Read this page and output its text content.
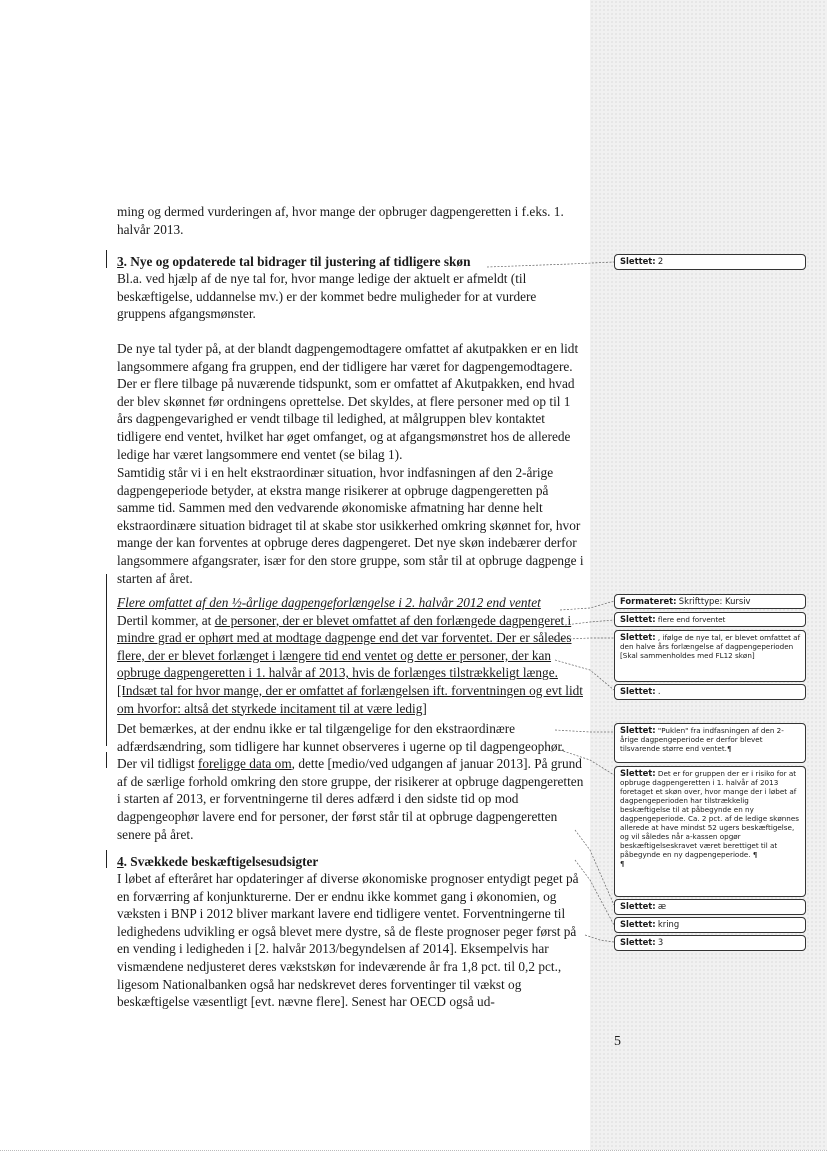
ming og dermed vurderingen af, hvor mange der opbruger dagpengeretten i f.eks. 1. halvår 2013.

3. Nye og opdaterede tal bidrager til justering af tidligere skøn

Bl.a. ved hjælp af de nye tal for, hvor mange ledige der aktuelt er afmeldt (til beskæftigelse, uddannelse mv.) er der kommet bedre muligheder for at vurdere gruppens afgangsmønster.

De nye tal tyder på, at der blandt dagpengemodtagere omfattet af akutpakken er en lidt langsommere afgang fra gruppen, end der tidligere har været for dagpengemodtagere. Der er flere tilbage på nuværende tidspunkt, som er omfattet af Akutpakken, end hvad der blev skønnet før ordningens oprettelse. Det skyldes, at flere personer med op til 1 års dagpengevarighed er vendt tilbage til ledighed, at målgruppen blev kontaktet tidligere end ventet, hvilket har øget omfanget, og at afgangsmønstret hos de allerede ledige har været langsommere end ventet (se bilag 1).

Samtidig står vi i en helt ekstraordinær situation, hvor indfasningen af den 2-årige dagpengeperiode betyder, at ekstra mange risikerer at opbruge dagpengeretten på samme tid. Sammen med den vedvarende økonomiske afmatning har denne helt ekstraordinære situation bidraget til at skabe stor usikkerhed omkring skønnet for, hvor mange der kan forventes at opbruge deres dagpengeret. Det nye skøn indebærer derfor langsommere afgangsrater, især for den store gruppe, som står til at opbruge dagpenge i starten af året.

Flere omfattet af den ½-årlige dagpengeforlængelse i 2. halvår 2012 end ventet
Dertil kommer, at de personer, der er blevet omfattet af den forlængede dagpengeret i mindre grad er ophørt med at modtage dagpenge end det var forventet. Der er således flere, der er blevet forlænget i længere tid end ventet og dette er personer, der kan opbruge dagpengeretten i 1. halvår af 2013, hvis de forlænges tilstrækkeligt længe. [Indsæt tal for hvor mange, der er omfattet af forlængelsen ift. forventningen og evt lidt om hvorfor: altså det styrkede incitament til at være ledig]

Det bemærkes, at der endnu ikke er tal tilgængelige for den ekstraordinære adfærdsændring, som tidligere har kunnet observeres i ugerne op til dagpengeophør. Der vil tidligst foreligge data om, dette [medio/ved udgangen af januar 2013]. På grund af de særlige forhold omkring den store gruppe, der risikerer at opbruge dagpengeretten i starten af 2013, er forventningerne til deres adfærd i den sidste tid op mod dagpengeophør lavere end for personer, der først står til at opbruge dagpengeretten senere på året.

4. Svækkede beskæftigelsesudsigter

I løbet af efteråret har opdateringer af diverse økonomiske prognoser entydigt peget på en forværring af konjunkturerne. Der er endnu ikke kommet gang i økonomien, og væksten i BNP i 2012 bliver markant lavere end tidligere ventet. Forventningerne til ledighedens udvikling er også blevet mere dystre, så de fleste prognoser peger først på en vending i ledigheden i [2. halvår 2013/begyndelsen af 2014]. Eksempelvis har vismændene nedjusteret deres vækstskøn for indeværende år fra 1,8 pct. til 0,2 pct., ligesom Nationalbanken også har nedskrevet deres forventinger til vækst og beskæftigelse væsentligt [evt. nævne flere]. Senest har OECD også ud-

Slettet: 2
Formateret: Skrifttype: Kursiv
Slettet: flere end forventet
Slettet: , ifølge de nye tal, er blevet omfattet af den halve års forlængelse af dagpengeperioden [Skal sammenholdes med FL12 skøn]
Slettet: .
Slettet: "Puklen" fra indfasningen af den 2-årige dagpengeperiode er derfor blevet tilsvarende større end ventet.¶
Slettet: Det er for gruppen der er i risiko for at opbruge dagpengeretten i 1. halvår af 2013 foretaget et skøn over, hvor mange der i løbet af dagpengeperioden har tilstrækkelig beskæftigelse til at påbegynde en ny dagpengeperiode. Ca. 2 pct. af de ledige skønnes allerede at have mindst 52 ugers beskæftigelse, og vil således når a-kassen opgør beskæftigelseskravet været berettiget til at påbegynde en ny dagpengeperiode. ¶
¶
Slettet: æ
Slettet: kring
Slettet: 3
5
